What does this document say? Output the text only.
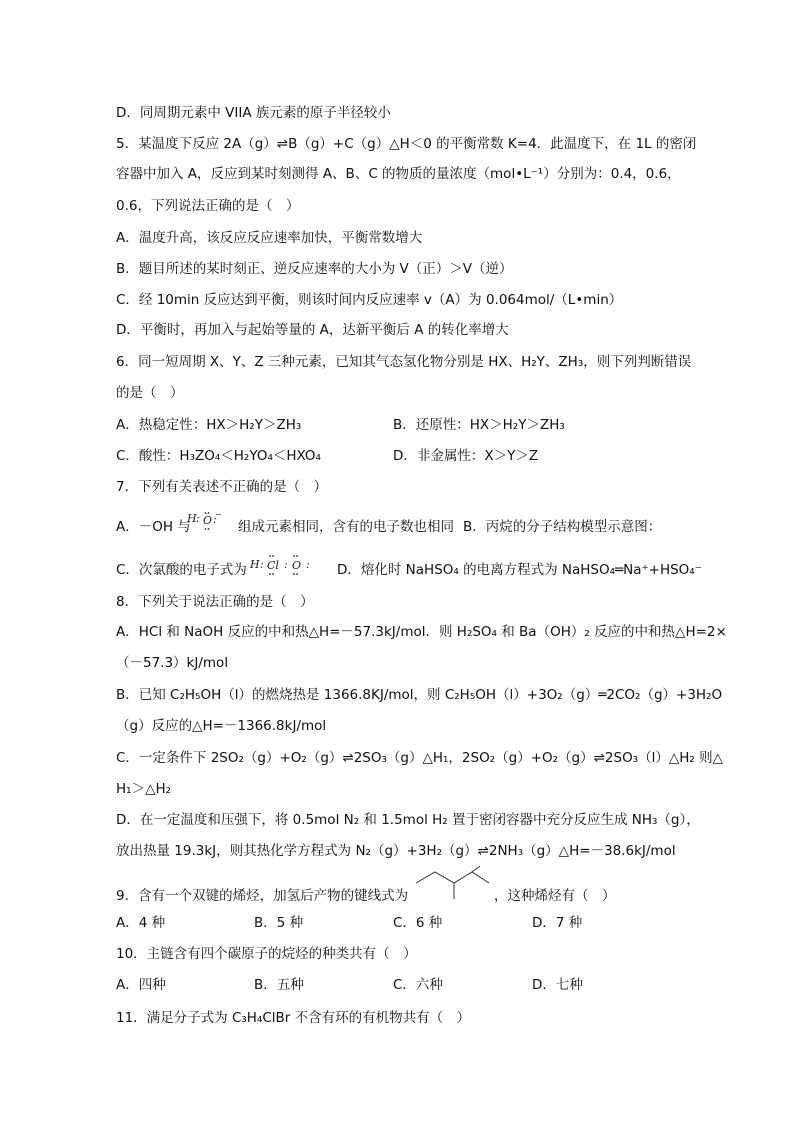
D．同周期元素中 VIIA 族元素的原子半径较小
5．某温度下反应 2A（g）⇌B（g）+C（g）△H＜0 的平衡常数 K=4．此温度下，在 1L 的密闭
容器中加入 A，反应到某时刻测得 A、B、C 的物质的量浓度（mol•L⁻¹）分别为：0.4，0.6，
0.6，下列说法正确的是（　）
A．温度升高，该反应反应速率加快，平衡常数增大
B．题目所述的某时刻正、逆反应速率的大小为 V（正）＞V（逆）
C．经 10min 反应达到平衡，则该时间内反应速率 v（A）为 0.064mol/（L•min）
D．平衡时，再加入与起始等量的 A，达新平衡后 A 的转化率增大
6．同一短周期 X、Y、Z 三种元素，已知其气态氢化物分别是 HX、H₂Y、ZH₃，则下列判断错误
的是（　）
A．热稳定性：HX＞H₂Y＞ZH₃	B．还原性：HX＞H₂Y＞ZH₃
C．酸性：H₃ZO₄＜H₂YO₄＜HXO₄	D．非金属性：X＞Y＞Z
7．下列有关表述不正确的是（　）
A．－OH 与
H : O :
−
组成元素相同，含有的电子数也相同 B．丙烷的分子结构模型示意图：
C．次氯酸的电子式为 H : Cl : O : D．熔化时 NaHSO₄ 的电离方程式为 NaHSO₄═Na⁺+HSO₄⁻
8．下列关于说法正确的是（　）
A．HCl 和 NaOH 反应的中和热△H=－57.3kJ/mol．则 H₂SO₄ 和 Ba（OH）₂ 反应的中和热△H=2×
（－57.3）kJ/mol
B．已知 C₂H₅OH（l）的燃烧热是 1366.8KJ/mol，则 C₂H₅OH（l）+3O₂（g）═2CO₂（g）+3H₂O
（g）反应的△H=－1366.8kJ/mol
C．一定条件下 2SO₂（g）+O₂（g）⇌2SO₃（g）△H₁，2SO₂（g）+O₂（g）⇌2SO₃（l）△H₂ 则△
H₁＞△H₂
D．在一定温度和压强下，将 0.5mol N₂ 和 1.5mol H₂ 置于密闭容器中充分反应生成 NH₃（g），
放出热量 19.3kJ，则其热化学方程式为 N₂（g）+3H₂（g）⇌2NH₃（g）△H=－38.6kJ/mol
9．含有一个双键的烯烃，加氢后产物的键线式为	，这种烯烃有（　）
A．4 种	B．5 种	C．6 种	D．7 种
10．主链含有四个碳原子的烷烃的种类共有（　）
A．四种	B．五种	C．六种	D．七种
11．满足分子式为 C₃H₄ClBr 不含有环的有机物共有（　）
